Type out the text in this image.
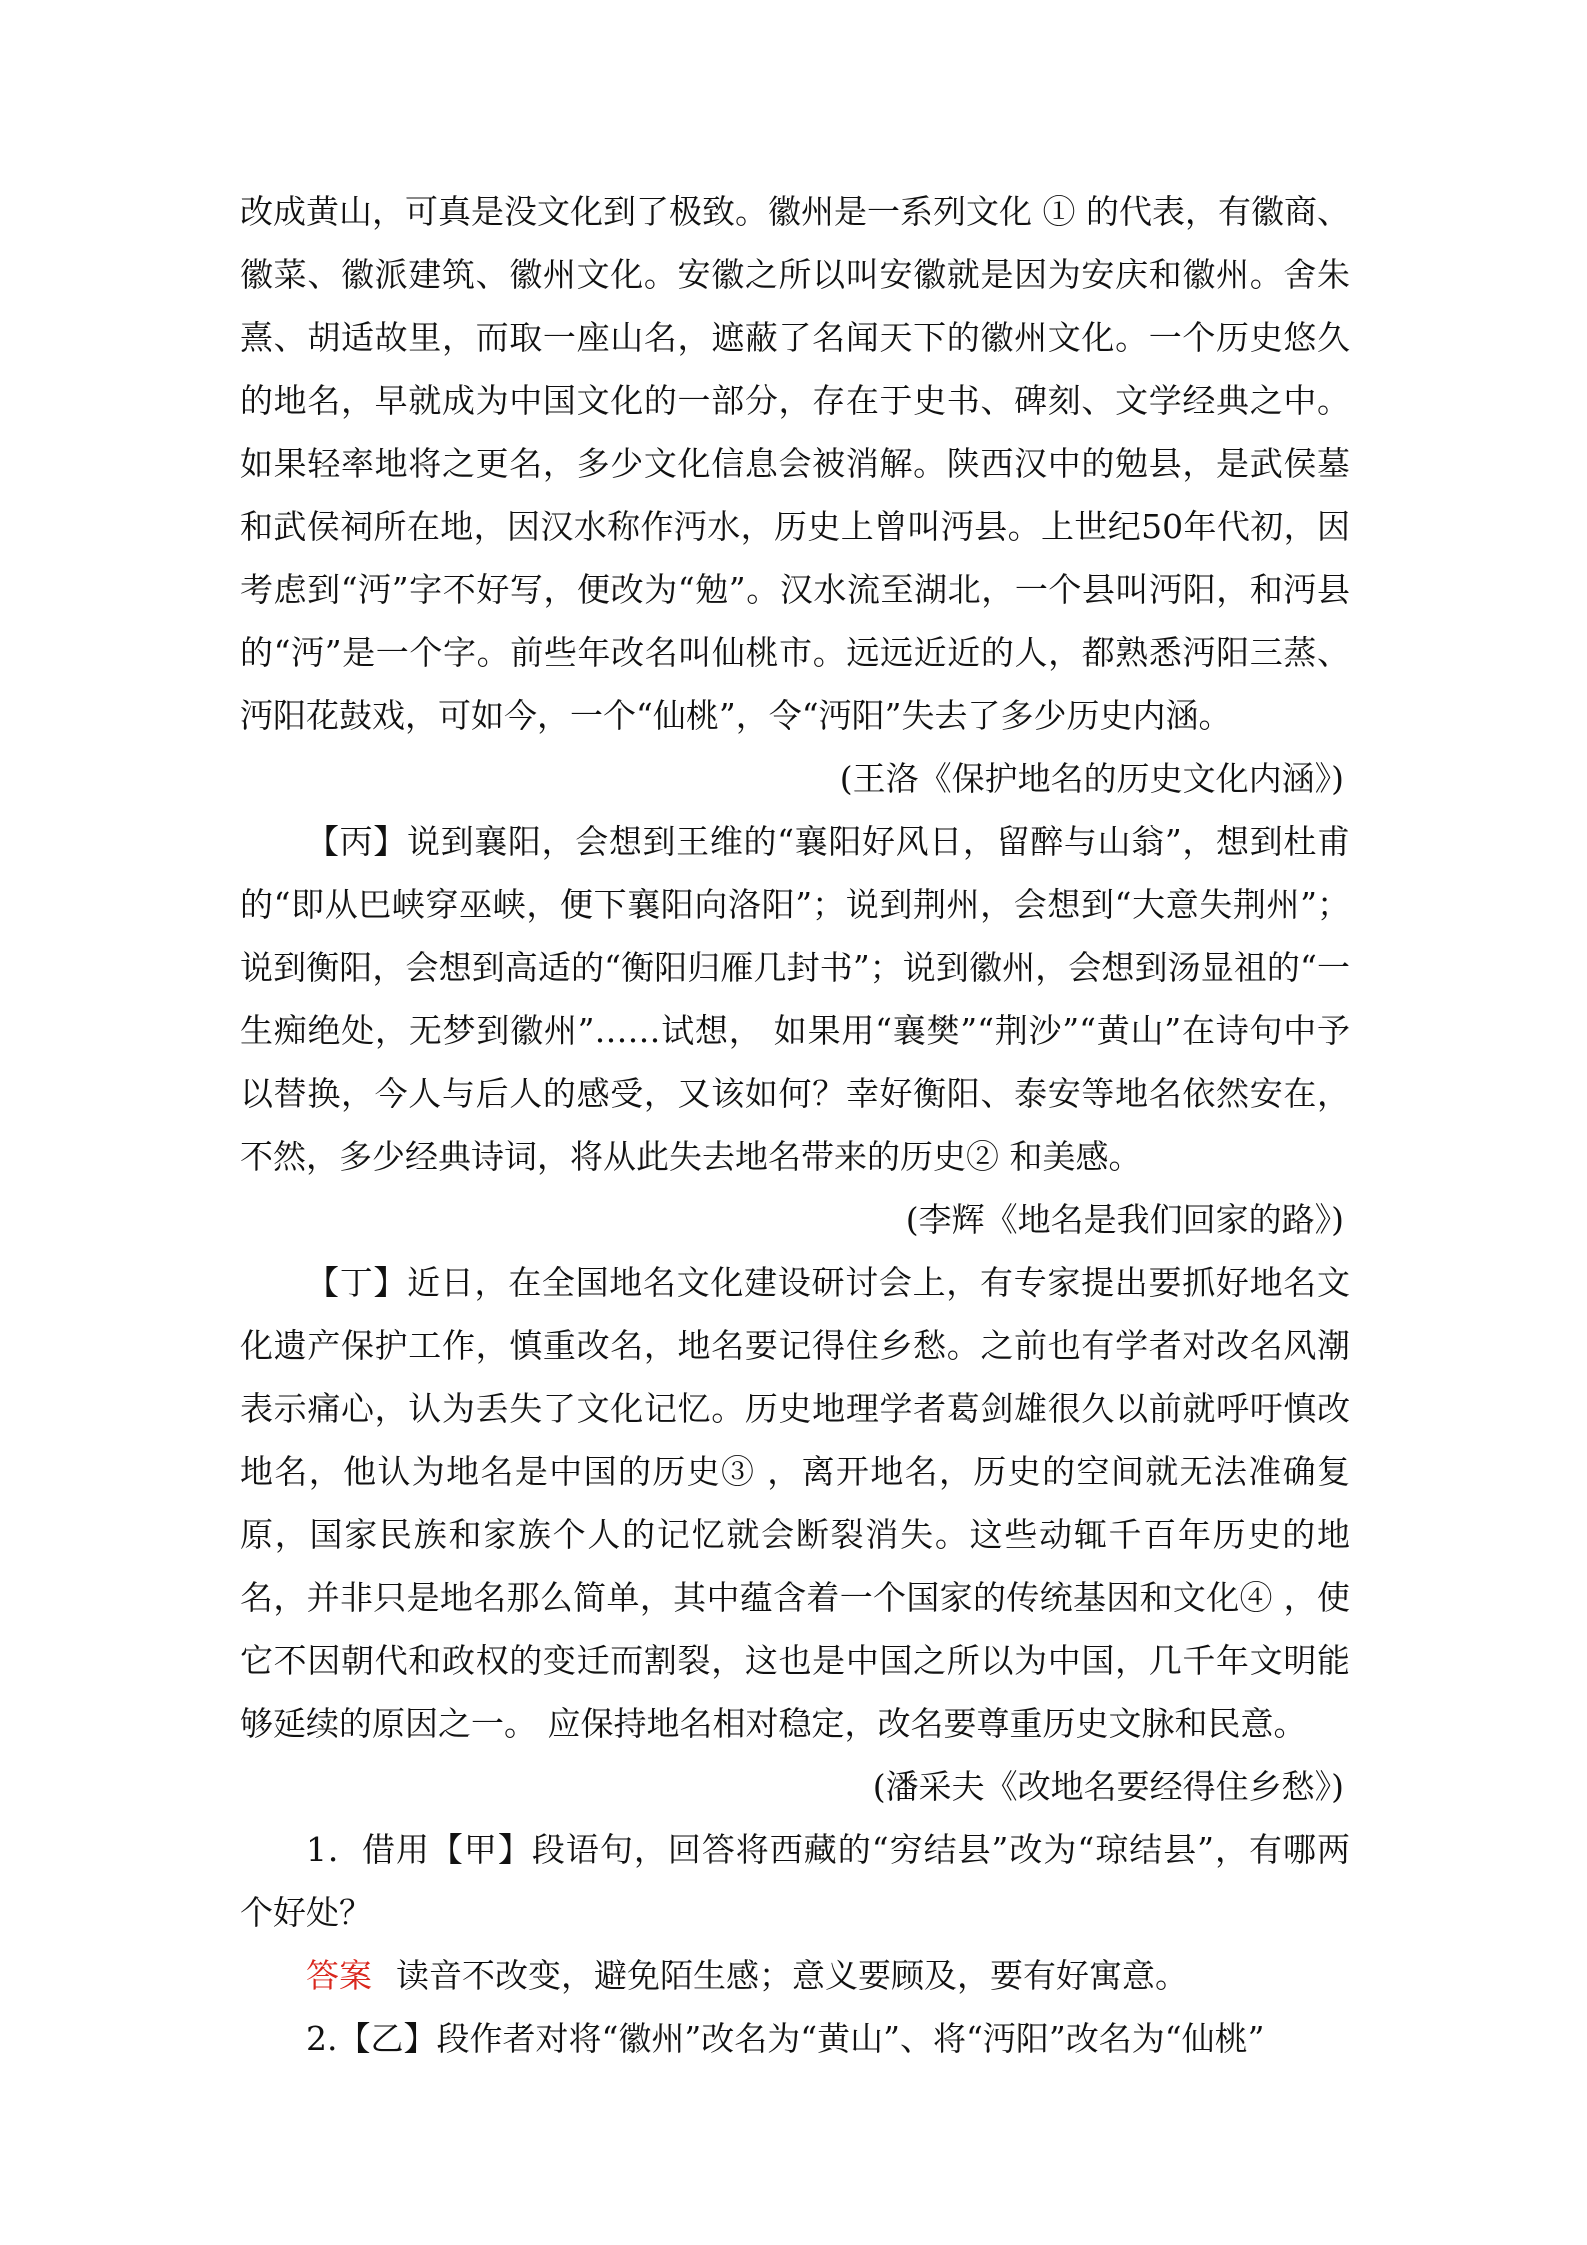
改成黄山，可真是没文化到了极致。徽州是一系列文化 ① 的代表，有徽商、徽菜、徽派建筑、徽州文化。安徽之所以叫安徽就是因为安庆和徽州。舍朱熹、胡适故里，而取一座山名，遮蔽了名闻天下的徽州文化。一个历史悠久的地名，早就成为中国文化的一部分，存在于史书、碑刻、文学经典之中。如果轻率地将之更名，多少文化信息会被消解。陕西汉中的勉县，是武侯墓和武侯祠所在地，因汉水称作沔水，历史上曾叫沔县。上世纪50年代初，因考虑到“沔”字不好写，便改为“勉”。汉水流至湖北，一个县叫沔阳，和沔县的“沔”是一个字。前些年改名叫仙桃市。远远近近的人，都熟悉沔阳三蒸、沔阳花鼓戏，可如今，一个“仙桃”，令“沔阳”失去了多少历史内涵。

(王洛《保护地名的历史文化内涵》)

【丙】说到襄阳，会想到王维的“襄阳好风日，留醉与山翁”，想到杜甫的“即从巴峡穿巫峡，便下襄阳向洛阳”；说到荆州，会想到“大意失荆州”；说到衡阳，会想到高适的“衡阳归雁几封书”；说到徽州，会想到汤显祖的“一生痴绝处，无梦到徽州”……试想， 如果用“襄樊”“荆沙”“黄山”在诗句中予以替换，今人与后人的感受，又该如何？幸好衡阳、泰安等地名依然安在，不然，多少经典诗词，将从此失去地名带来的历史② 和美感。

(李辉《地名是我们回家的路》)

【丁】近日，在全国地名文化建设研讨会上，有专家提出要抓好地名文化遗产保护工作，慎重改名，地名要记得住乡愁。之前也有学者对改名风潮表示痛心，认为丢失了文化记忆。历史地理学者葛剑雄很久以前就呼吁慎改地名，他认为地名是中国的历史③ ，离开地名，历史的空间就无法准确复原，国家民族和家族个人的记忆就会断裂消失。这些动辄千百年历史的地名，并非只是地名那么简单，其中蕴含着一个国家的传统基因和文化④ ，使它不因朝代和政权的变迁而割裂，这也是中国之所以为中国，几千年文明能够延续的原因之一。 应保持地名相对稳定，改名要尊重历史文脉和民意。

(潘采夫《改地名要经得住乡愁》)

1．借用【甲】段语句，回答将西藏的“穷结县”改为“琼结县”，有哪两个好处？

答案 读音不改变，避免陌生感；意义要顾及，要有好寓意。

2.【乙】段作者对将“徽州”改名为“黄山”、将“沔阳”改名为“仙桃”
